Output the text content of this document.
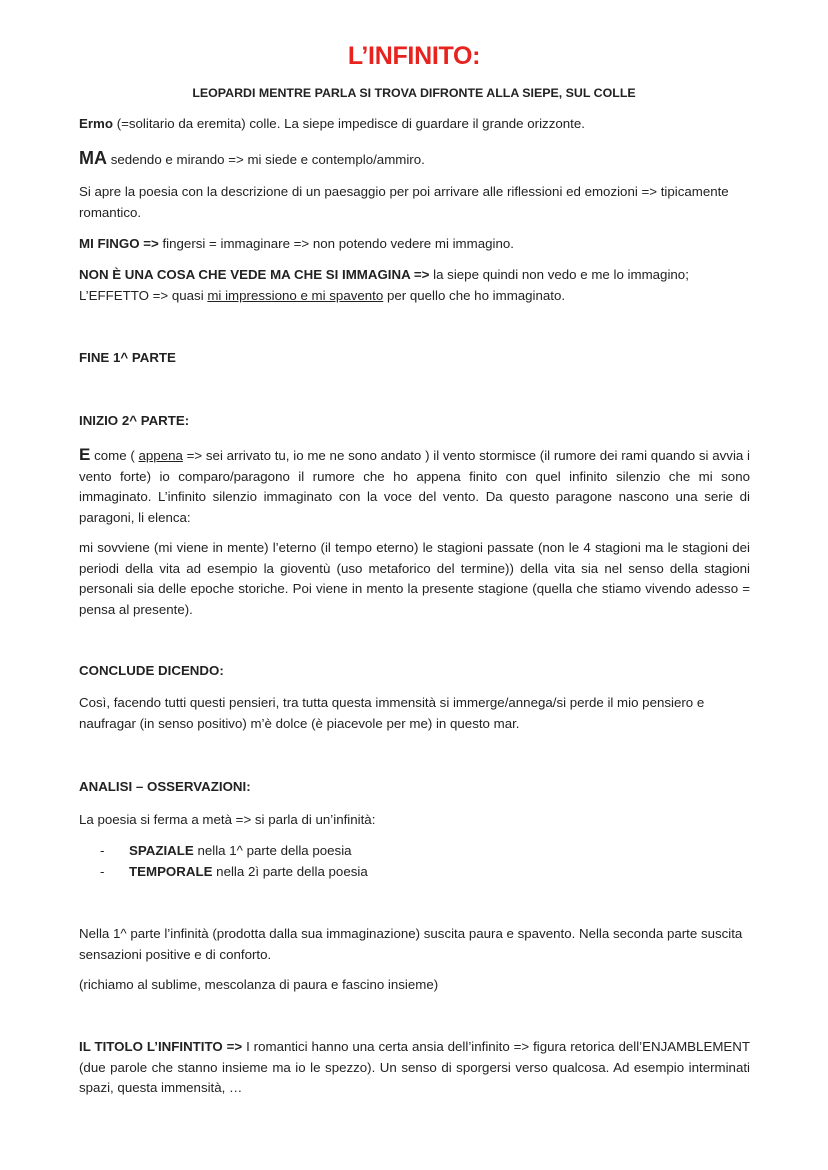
L’INFINITO:

LEOPARDI MENTRE PARLA SI TROVA DIFRONTE ALLA SIEPE, SUL COLLE

Ermo (=solitario da eremita) colle. La siepe impedisce di guardare il grande orizzonte.

MA sedendo e mirando => mi siede e contemplo/ammiro.

Si apre la poesia con la descrizione di un paesaggio per poi arrivare alle riflessioni ed emozioni => tipicamente romantico.

MI FINGO => fingersi = immaginare => non potendo vedere mi immagino.

NON È UNA COSA CHE VEDE MA CHE SI IMMAGINA => la siepe quindi non vedo e me lo immagino; L’EFFETTO => quasi mi impressiono e mi spavento per quello che ho immaginato.

FINE 1^ PARTE

INIZIO 2^ PARTE:

E come ( appena => sei arrivato tu, io me ne sono andato ) il vento stormisce (il rumore dei rami quando si avvia i vento forte) io comparo/paragono il rumore che ho appena finito con quel infinito silenzio che mi sono immaginato. L’infinito silenzio immaginato con la voce del vento. Da questo paragone nascono una serie di paragoni, li elenca:

mi sovviene (mi viene in mente) l’eterno (il tempo eterno) le stagioni passate (non le 4 stagioni ma le stagioni dei periodi della vita ad esempio la gioventù (uso metaforico del termine)) della vita sia nel senso della stagioni personali sia delle epoche storiche. Poi viene in mento la presente stagione (quella che stiamo vivendo adesso = pensa al presente).

CONCLUDE DICENDO:

Così, facendo tutti questi pensieri, tra tutta questa immensità si immerge/annega/si perde il mio pensiero e naufragar (in senso positivo) m’è dolce (è piacevole per me) in questo mar.

ANALISI – OSSERVAZIONI:

La poesia si ferma a metà => si parla di un’infinità:

- SPAZIALE nella 1^ parte della poesia
- TEMPORALE nella 2ì parte della poesia

Nella 1^ parte l’infinità (prodotta dalla sua immaginazione) suscita paura e spavento. Nella seconda parte suscita sensazioni positive e di conforto.

(richiamo al sublime, mescolanza di paura e fascino insieme)

IL TITOLO L’INFINTITO => I romantici hanno una certa ansia dell’infinito => figura retorica dell’ENJAMBLEMENT (due parole che stanno insieme ma io le spezzo). Un senso di sporgersi verso qualcosa. Ad esempio interminati spazi, questa immensità, …
